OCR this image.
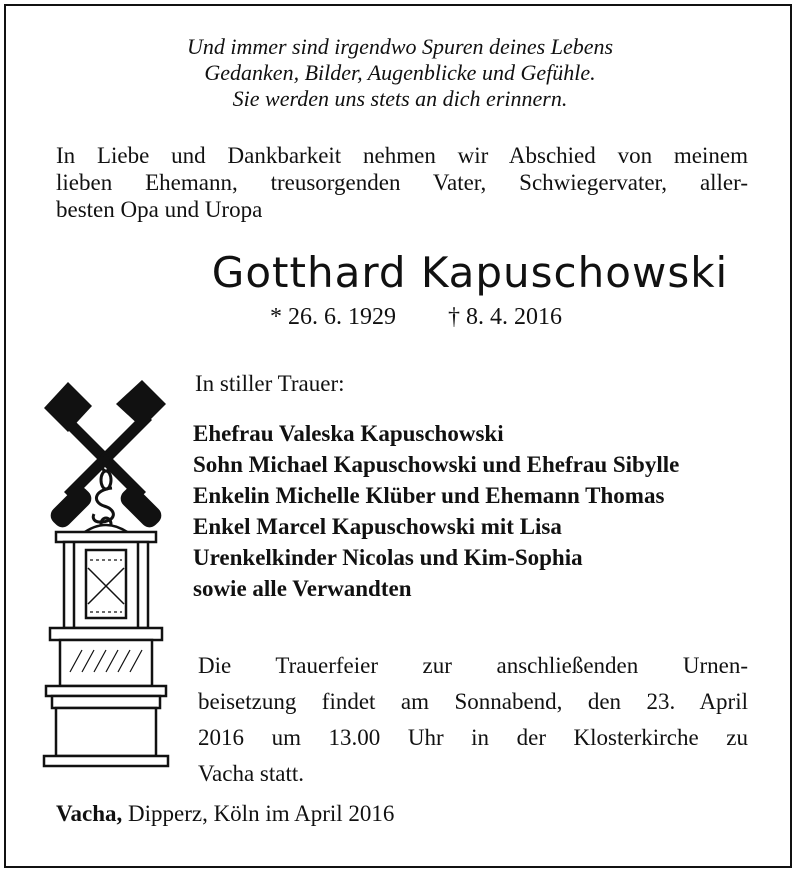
Und immer sind irgendwo Spuren deines Lebens
Gedanken, Bilder, Augenblicke und Gefühle.
Sie werden uns stets an dich erinnern.
In Liebe und Dankbarkeit nehmen wir Abschied von meinem
lieben Ehemann, treusorgenden Vater, Schwiegervater, aller-
besten Opa und Uropa
Gotthard Kapuschowski
* 26. 6. 1929 † 8. 4. 2016
In stiller Trauer:
Ehefrau Valeska Kapuschowski
Sohn Michael Kapuschowski und Ehefrau Sibylle
Enkelin Michelle Klüber und Ehemann Thomas
Enkel Marcel Kapuschowski mit Lisa
Urenkelkinder Nicolas und Kim-Sophia
sowie alle Verwandten
Die Trauerfeier zur anschließenden Urnen-
beisetzung findet am Sonnabend, den 23. April
2016 um 13.00 Uhr in der Klosterkirche zu
Vacha statt.
Vacha, Dipperz, Köln im April 2016
